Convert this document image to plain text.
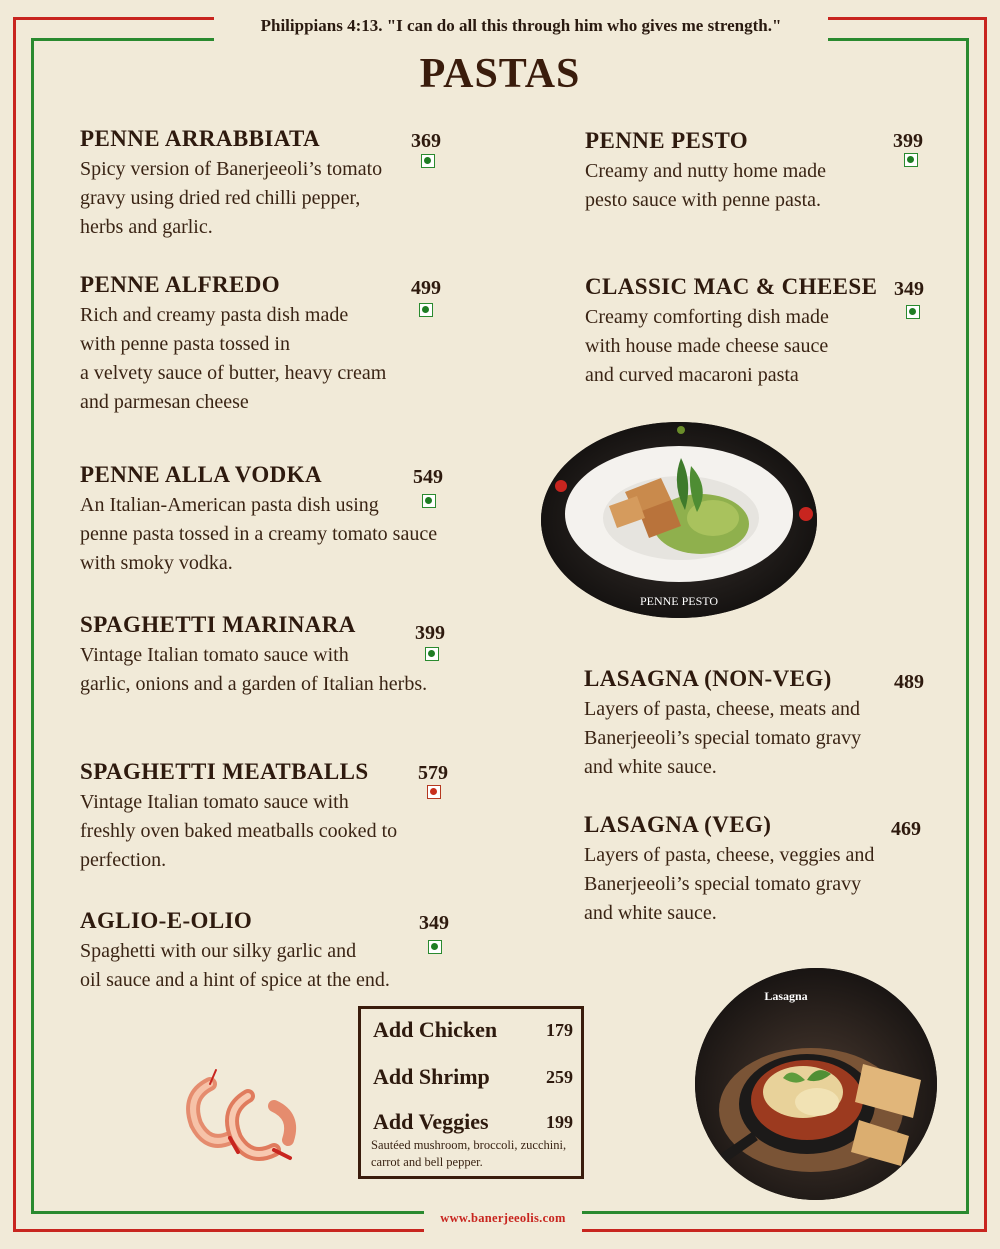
Philippians 4:13. "I can do all this through him who gives me strength."
PASTAS
PENNE ARRABBIATA
Spicy version of Banerjeeoli’s tomato
gravy using dried red chilli pepper,
herbs and garlic.
369
PENNE ALFREDO
Rich and creamy pasta dish made
with penne pasta tossed in
a velvety sauce of butter, heavy cream
and parmesan cheese
499
PENNE ALLA VODKA
An Italian-American pasta dish using
penne pasta tossed in a creamy tomato sauce
with smoky vodka.
549
SPAGHETTI MARINARA
Vintage Italian tomato sauce with
garlic, onions and a garden of Italian herbs.
399
SPAGHETTI MEATBALLS
Vintage Italian tomato sauce with
freshly oven baked meatballs cooked to
perfection.
579
AGLIO-E-OLIO
Spaghetti with our silky garlic and
oil sauce and a hint of spice at the end.
349
PENNE PESTO
Creamy and nutty home made
pesto sauce with penne pasta.
399
CLASSIC MAC & CHEESE
Creamy comforting dish made
with house made cheese sauce
and curved macaroni pasta
349
LASAGNA (NON-VEG)
Layers of pasta, cheese, meats and
Banerjeeoli’s special tomato gravy
and white sauce.
489
LASAGNA (VEG)
Layers of pasta, cheese, veggies and
Banerjeeoli’s special tomato gravy
and white sauce.
469
PENNE PESTO
Lasagna
Add Chicken	179
Add Shrimp	259
Add Veggies	199
Sautéed mushroom, broccoli, zucchini, carrot and bell pepper.
www.banerjeeolis.com
